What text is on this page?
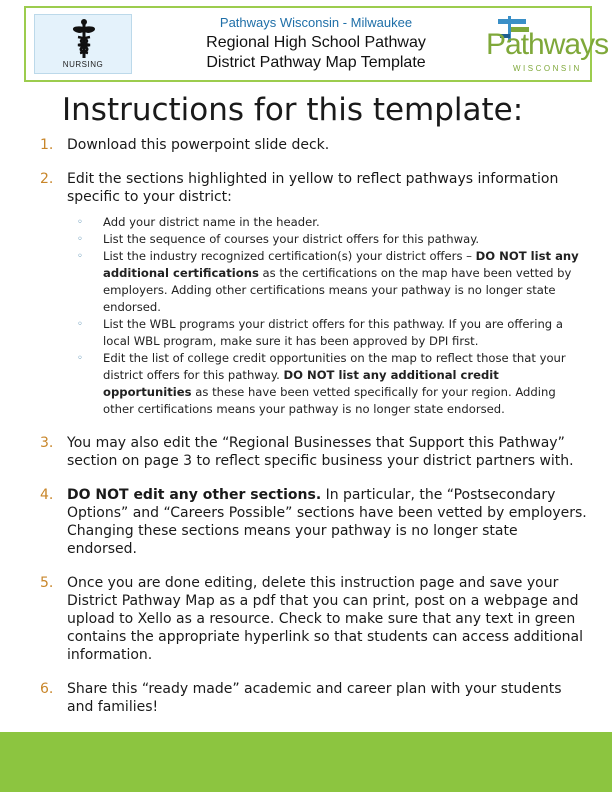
NURSING
Pathways Wisconsin - Milwaukee
Regional High School Pathway
District Pathway Map Template
Pathways
WISCONSIN
Instructions for this template:
1. Download this powerpoint slide deck.
2. Edit the sections highlighted in yellow to reflect pathways information specific to your district:
◦ Add your district name in the header.
◦ List the sequence of courses your district offers for this pathway.
◦ List the industry recognized certification(s) your district offers – DO NOT list any additional certifications as the certifications on the map have been vetted by employers. Adding other certifications means your pathway is no longer state endorsed.
◦ List the WBL programs your district offers for this pathway. If you are offering a local WBL program, make sure it has been approved by DPI first.
◦ Edit the list of college credit opportunities on the map to reflect those that your district offers for this pathway. DO NOT list any additional credit opportunities as these have been vetted specifically for your region. Adding other certifications means your pathway is no longer state endorsed.
3. You may also edit the “Regional Businesses that Support this Pathway” section on page 3 to reflect specific business your district partners with.
4. DO NOT edit any other sections. In particular, the “Postsecondary Options” and “Careers Possible” sections have been vetted by employers. Changing these sections means your pathway is no longer state endorsed.
5. Once you are done editing, delete this instruction page and save your District Pathway Map as a pdf that you can print, post on a webpage and upload to Xello as a resource. Check to make sure that any text in green contains the appropriate hyperlink so that students can access additional information.
6. Share this “ready made” academic and career plan with your students and families!
